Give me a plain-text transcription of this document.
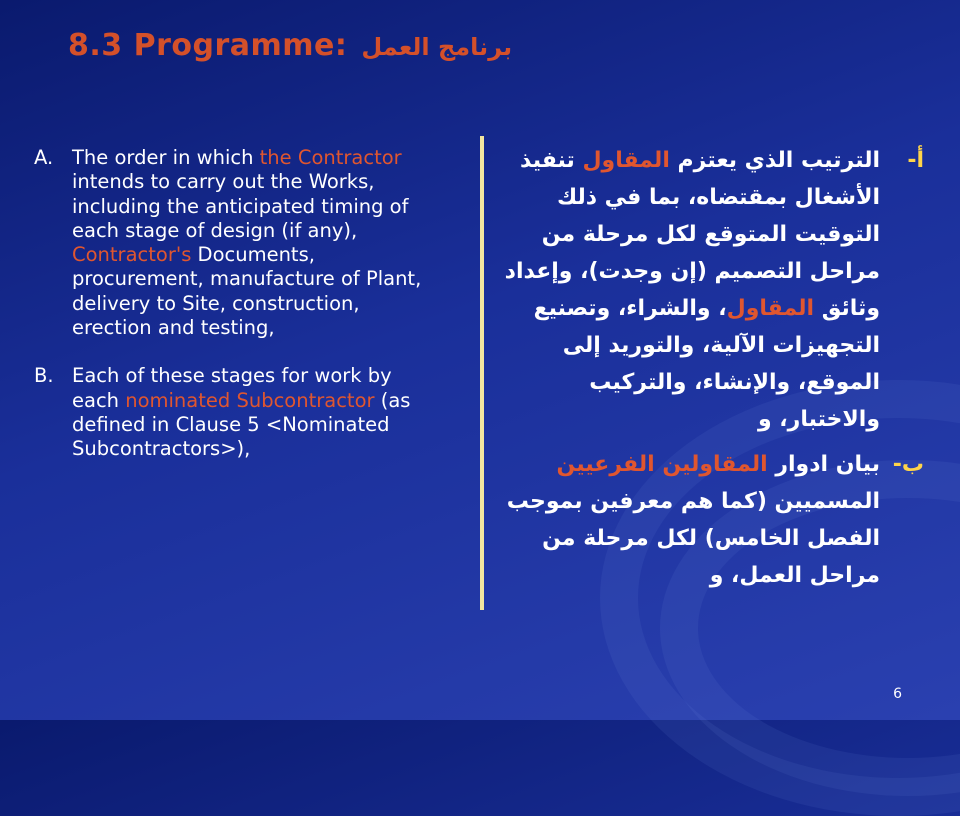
8.3 Programme: برنامج العمل
A. The order in which the Contractor intends to carry out the Works, including the anticipated timing of each stage of design (if any), Contractor's Documents, procurement, manufacture of Plant, delivery to Site, construction, erection and testing,
B. Each of these stages for work by each nominated Subcontractor (as defined in Clause 5 <Nominated Subcontractors>),
أ-
الترتيب الذي يعتزم المقاول تنفيذ الأشغال بمقتضاه، بما في ذلك التوقيت المتوقع لكل مرحلة من مراحل التصميم (إن وجدت)، وإعداد وثائق المقاول، والشراء، وتصنيع التجهيزات الآلية، والتوريد إلى الموقع، والإنشاء، والتركيب والاختبار، و
ب-
بيان ادوار المقاولين الفرعيين المسميين (كما هم معرفين بموجب الفصل الخامس) لكل مرحلة من مراحل العمل، و
6
